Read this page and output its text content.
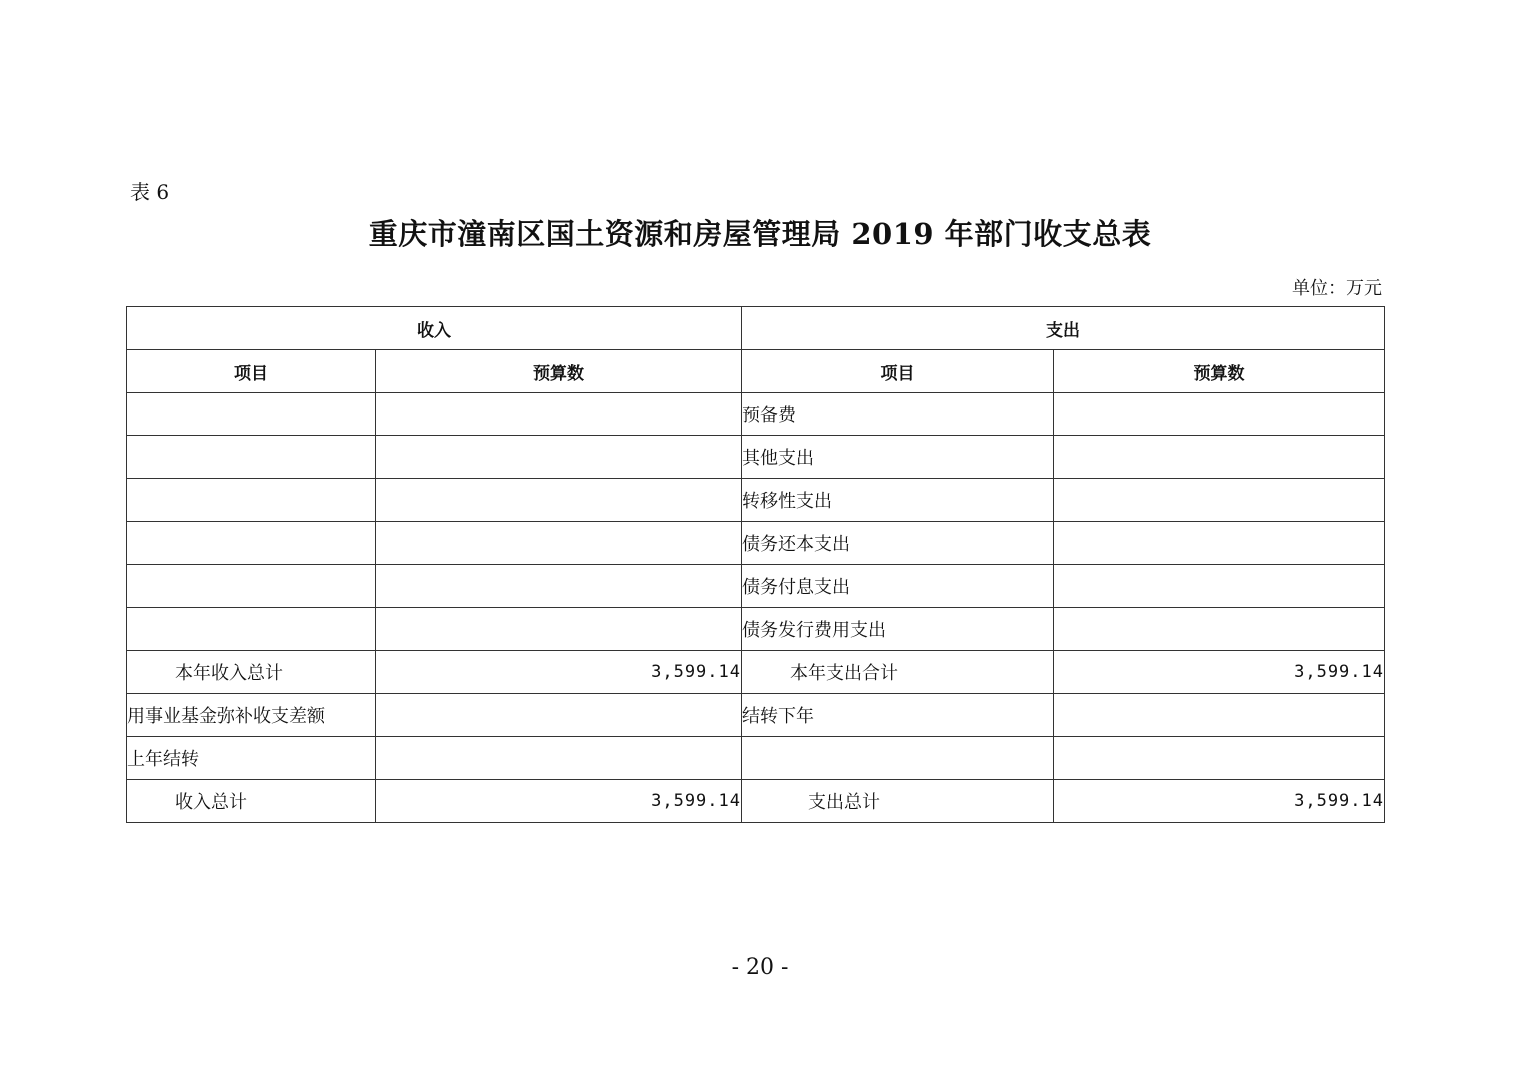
表 6
重庆市潼南区国土资源和房屋管理局 2019 年部门收支总表
单位：万元
收入		支出	
项目	预算数	项目	预算数
		预备费	
		其他支出	
		转移性支出	
		债务还本支出	
		债务付息支出	
		债务发行费用支出	
本年收入总计	3,599.14	本年支出合计	3,599.14
用事业基金弥补收支差额		结转下年	
上年结转			
收入总计	3,599.14	支出总计	3,599.14
- 20 -
